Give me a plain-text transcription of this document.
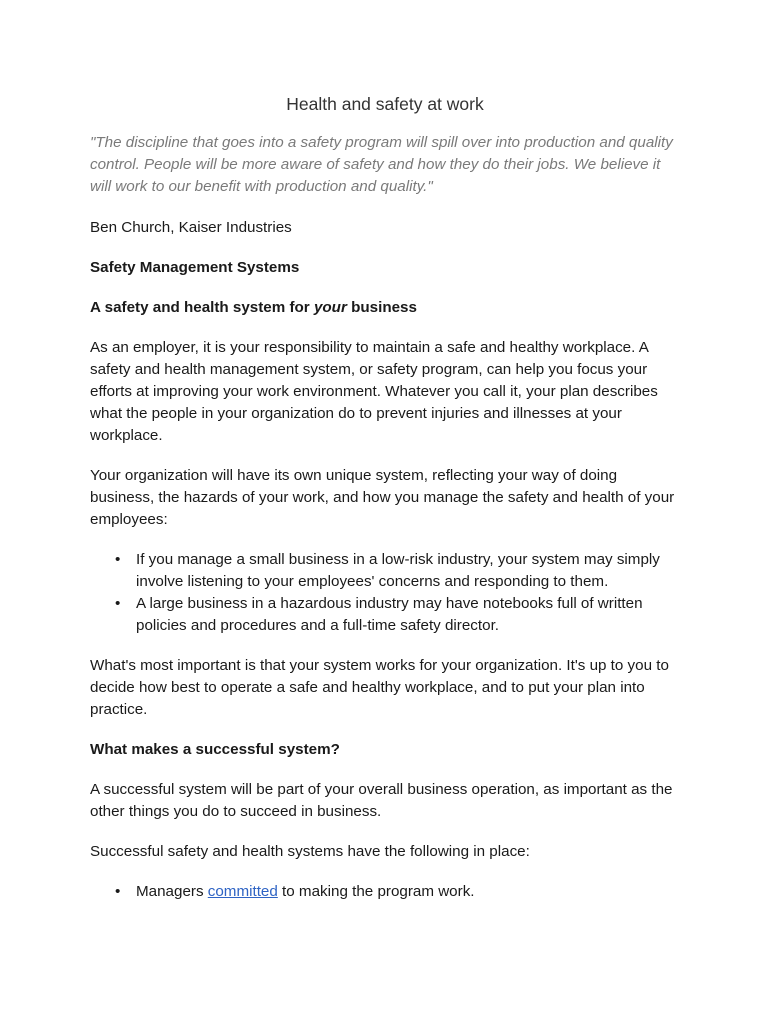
Health and safety at work

"The discipline that goes into a safety program will spill over into production and quality control. People will be more aware of safety and how they do their jobs. We believe it will work to our benefit with production and quality."

Ben Church, Kaiser Industries

Safety Management Systems

A safety and health system for your business

As an employer, it is your responsibility to maintain a safe and healthy workplace. A safety and health management system, or safety program, can help you focus your efforts at improving your work environment. Whatever you call it, your plan describes what the people in your organization do to prevent injuries and illnesses at your workplace.

Your organization will have its own unique system, reflecting your way of doing business, the hazards of your work, and how you manage the safety and health of your employees:

• If you manage a small business in a low-risk industry, your system may simply involve listening to your employees' concerns and responding to them.
• A large business in a hazardous industry may have notebooks full of written policies and procedures and a full-time safety director.

What's most important is that your system works for your organization. It's up to you to decide how best to operate a safe and healthy workplace, and to put your plan into practice.

What makes a successful system?

A successful system will be part of your overall business operation, as important as the other things you do to succeed in business.

Successful safety and health systems have the following in place:

• Managers committed to making the program work.
